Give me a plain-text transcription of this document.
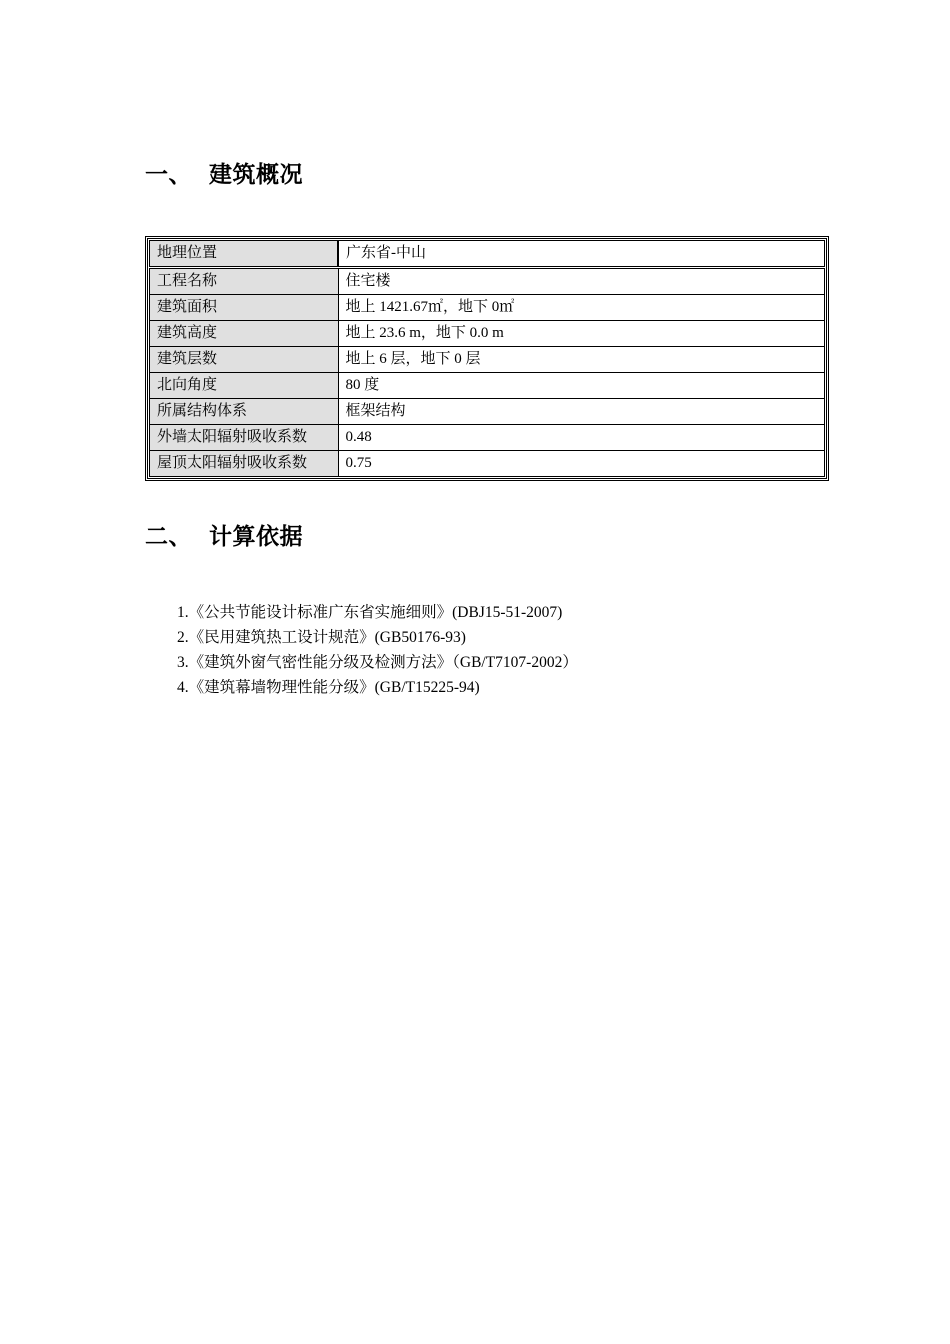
一、 建筑概况
地理位置	广东省-中山
工程名称	住宅楼
建筑面积	地上 1421.67㎡，地下 0㎡
建筑高度	地上 23.6 m，地下 0.0 m
建筑层数	地上 6 层，地下 0 层
北向角度	80 度
所属结构体系	框架结构
外墙太阳辐射吸收系数	0.48
屋顶太阳辐射吸收系数	0.75
二、 计算依据
1.《公共节能设计标准广东省实施细则》(DBJ15-51-2007)
2.《民用建筑热工设计规范》(GB50176-93)
3.《建筑外窗气密性能分级及检测方法》（GB/T7107-2002）
4.《建筑幕墙物理性能分级》(GB/T15225-94)
